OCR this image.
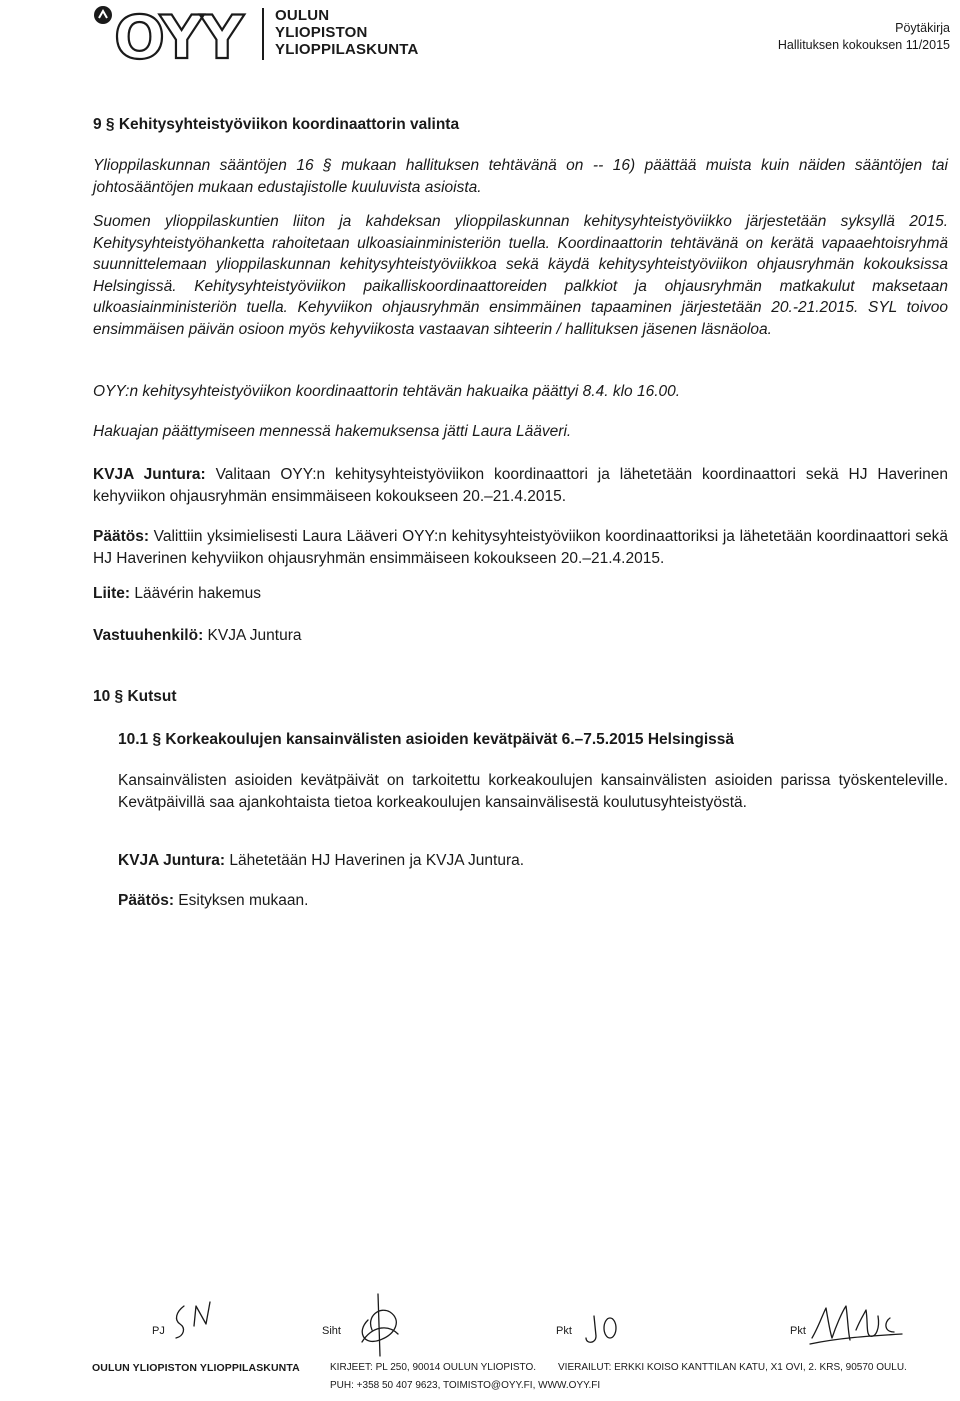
OYY	OULUN
YLIOPISTON
YLIOPPILASKUNTA
Pöytäkirja
Hallituksen kokouksen 11/2015
9 § Kehitysyhteistyöviikon koordinaattorin valinta
Ylioppilaskunnan sääntöjen 16 § mukaan hallituksen tehtävänä on -- 16) päättää muista kuin näiden sääntöjen tai johtosääntöjen mukaan edustajistolle kuuluvista asioista.
Suomen ylioppilaskuntien liiton ja kahdeksan ylioppilaskunnan kehitysyhteistyöviikko järjestetään syksyllä 2015. Kehitysyhteistyöhanketta rahoitetaan ulkoasiainministeriön tuella. Koordinaattorin tehtävänä on kerätä vapaaehtoisryhmä suunnittelemaan ylioppilaskunnan kehitysyhteistyöviikkoa sekä käydä kehitysyhteistyöviikon ohjausryhmän kokouksissa Helsingissä. Kehitysyhteistyöviikon paikalliskoordinaattoreiden palkkiot ja ohjausryhmän matkakulut maksetaan ulkoasiainministeriön tuella. Kehyviikon ohjausryhmän ensimmäinen tapaaminen järjestetään 20.-21.2015. SYL toivoo ensimmäisen päivän osioon myös kehyviikosta vastaavan sihteerin / hallituksen jäsenen läsnäoloa.
OYY:n kehitysyhteistyöviikon koordinaattorin tehtävän hakuaika päättyi 8.4. klo 16.00.
Hakuajan päättymiseen mennessä hakemuksensa jätti Laura Lääveri.
KVJA Juntura: Valitaan OYY:n kehitysyhteistyöviikon koordinaattori ja lähetetään koordinaattori sekä HJ Haverinen kehyviikon ohjausryhmän ensimmäiseen kokoukseen 20.–21.4.2015.
Päätös: Valittiin yksimielisesti Laura Lääveri OYY:n kehitysyhteistyöviikon koordinaattoriksi ja lähetetään koordinaattori sekä HJ Haverinen kehyviikon ohjausryhmän ensimmäiseen kokoukseen 20.–21.4.2015.
Liite: Läävérin hakemus
Vastuuhenkilö: KVJA Juntura
10 § Kutsut
10.1 § Korkeakoulujen kansainvälisten asioiden kevätpäivät 6.–7.5.2015 Helsingissä
Kansainvälisten asioiden kevätpäivät on tarkoitettu korkeakoulujen kansainvälisten asioiden parissa työskenteleville. Kevätpäivillä saa ajankohtaista tietoa korkeakoulujen kansainvälisestä koulutusyhteistyöstä.
KVJA Juntura: Lähetetään HJ Haverinen ja KVJA Juntura.
Päätös: Esityksen mukaan.
PJ	Siht	Pkt	Pkt
OULUN YLIOPISTON YLIOPPILASKUNTA	KIRJEET: PL 250, 90014 OULUN YLIOPISTO. VIERAILUT: ERKKI KOISO KANTTILAN KATU, X1 OVI, 2. KRS, 90570 OULU.
PUH: +358 50 407 9623, TOIMISTO@OYY.FI, WWW.OYY.FI
